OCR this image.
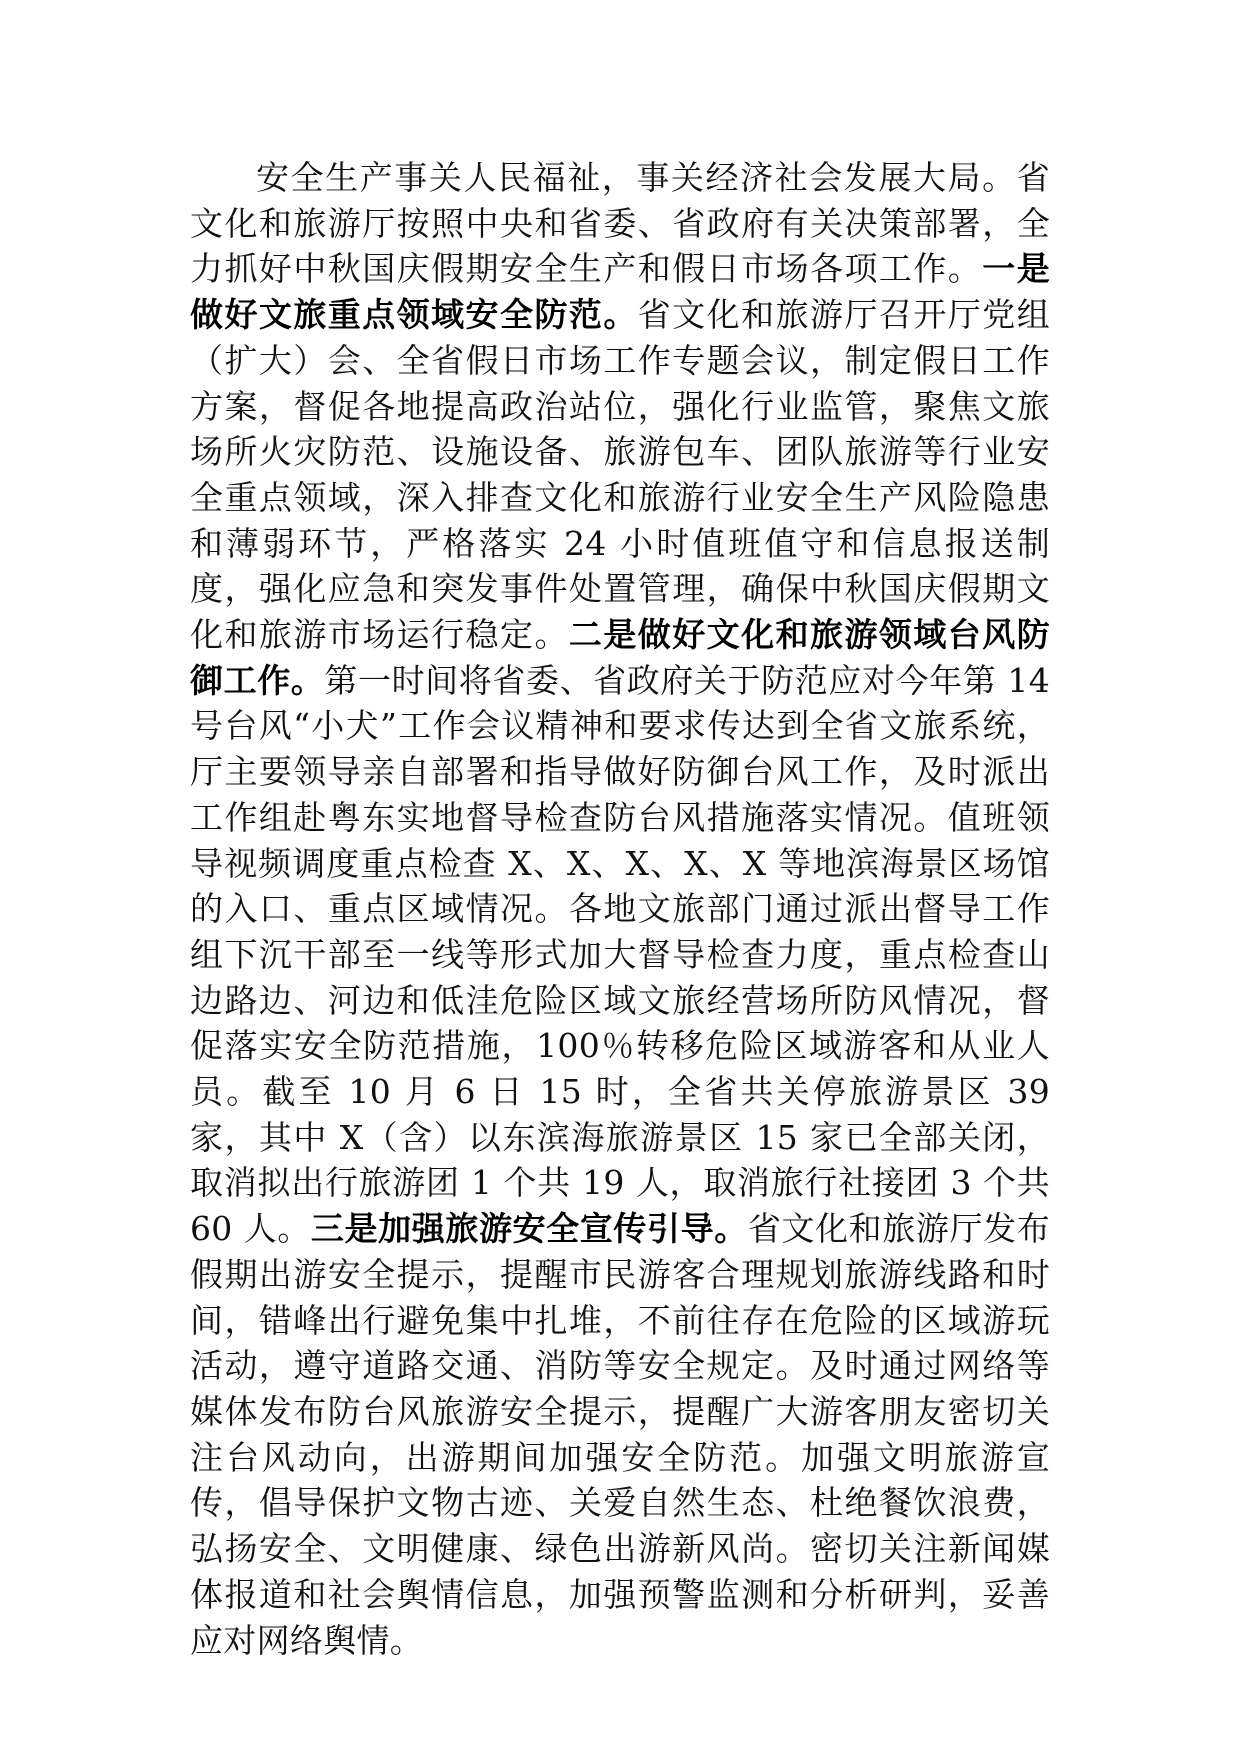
安全生产事关人民福祉，事关经济社会发展大局。省文化和旅游厅按照中央和省委、省政府有关决策部署，全力抓好中秋国庆假期安全生产和假日市场各项工作。一是做好文旅重点领域安全防范。省文化和旅游厅召开厅党组（扩大）会、全省假日市场工作专题会议，制定假日工作方案，督促各地提高政治站位，强化行业监管，聚焦文旅场所火灾防范、设施设备、旅游包车、团队旅游等行业安全重点领域，深入排查文化和旅游行业安全生产风险隐患和薄弱环节，严格落实 24 小时值班值守和信息报送制度，强化应急和突发事件处置管理，确保中秋国庆假期文化和旅游市场运行稳定。二是做好文化和旅游领域台风防御工作。第一时间将省委、省政府关于防范应对今年第 14 号台风“小犬”工作会议精神和要求传达到全省文旅系统，厅主要领导亲自部署和指导做好防御台风工作，及时派出工作组赴粤东实地督导检查防台风措施落实情况。值班领导视频调度重点检查 X、X、X、X、X 等地滨海景区场馆的入口、重点区域情况。各地文旅部门通过派出督导工作组下沉干部至一线等形式加大督导检查力度，重点检查山边路边、河边和低洼危险区域文旅经营场所防风情况，督促落实安全防范措施，100％转移危险区域游客和从业人员。截至 10 月 6 日 15 时，全省共关停旅游景区 39 家，其中 X（含）以东滨海旅游景区 15 家已全部关闭，取消拟出行旅游团 1 个共 19 人，取消旅行社接团 3 个共 60 人。三是加强旅游安全宣传引导。省文化和旅游厅发布假期出游安全提示，提醒市民游客合理规划旅游线路和时间，错峰出行避免集中扎堆，不前往存在危险的区域游玩活动，遵守道路交通、消防等安全规定。及时通过网络等媒体发布防台风旅游安全提示，提醒广大游客朋友密切关注台风动向，出游期间加强安全防范。加强文明旅游宣传，倡导保护文物古迹、关爱自然生态、杜绝餐饮浪费，弘扬安全、文明健康、绿色出游新风尚。密切关注新闻媒体报道和社会舆情信息，加强预警监测和分析研判，妥善应对网络舆情。
